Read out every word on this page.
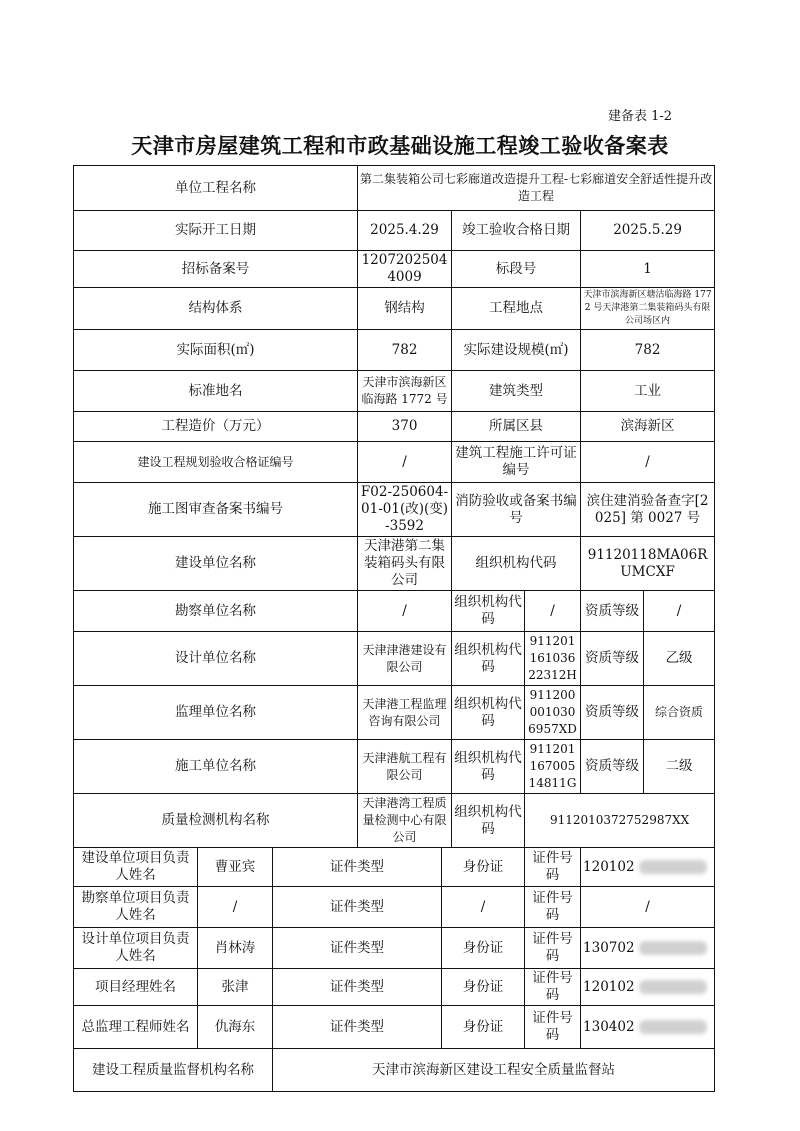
建备表 1-2
天津市房屋建筑工程和市政基础设施工程竣工验收备案表
单位工程名称			第二集装箱公司七彩廊道改造提升工程-七彩廊道安全舒适性提升改造工程					
实际开工日期			2025.4.29		竣工验收合格日期		2025.5.29	
招标备案号			12072025044009		标段号		1	
结构体系			钢结构		工程地点		天津市滨海新区塘沽临海路 1772 号天津港第二集装箱码头有限公司场区内	
实际面积(㎡)			782		实际建设规模(㎡)		782	
标准地名			天津市滨海新区临海路 1772 号		建筑类型		工业	
工程造价（万元）			370		所属区县		滨海新区	
建设工程规划验收合格证编号			/		建筑工程施工许可证编号		/	
施工图审查备案书编号			F02-250604-01-01(改)(变)-3592		消防验收或备案书编号		滨住建消验备查字[2025] 第 0027 号	
建设单位名称			天津港第二集装箱码头有限公司		组织机构代码		91120118MA06RUMCXF	
勘察单位名称			/		组织机构代码	/	资质等级	/
设计单位名称			天津津港建设有限公司		组织机构代码	91120116103622312H	资质等级	乙级
监理单位名称			天津港工程监理咨询有限公司		组织机构代码	911200001030 6957XD	资质等级	综合资质
施工单位名称			天津港航工程有限公司		组织机构代码	91120116700514811G	资质等级	二级
质量检测机构名称			天津港湾工程质量检测中心有限公司		组织机构代码	9112010372752987XX		
建设单位项目负责人姓名	曹亚宾	证件类型		身份证		证件号码	120102	
勘察单位项目负责人姓名	/	证件类型		/		证件号码	/	
设计单位项目负责人姓名	肖林涛	证件类型		身份证		证件号码	130702	
项目经理姓名	张津	证件类型		身份证		证件号码	120102	
总监理工程师姓名	仇海东	证件类型		身份证		证件号码	130402	
建设工程质量监督机构名称		天津市滨海新区建设工程安全质量监督站						
